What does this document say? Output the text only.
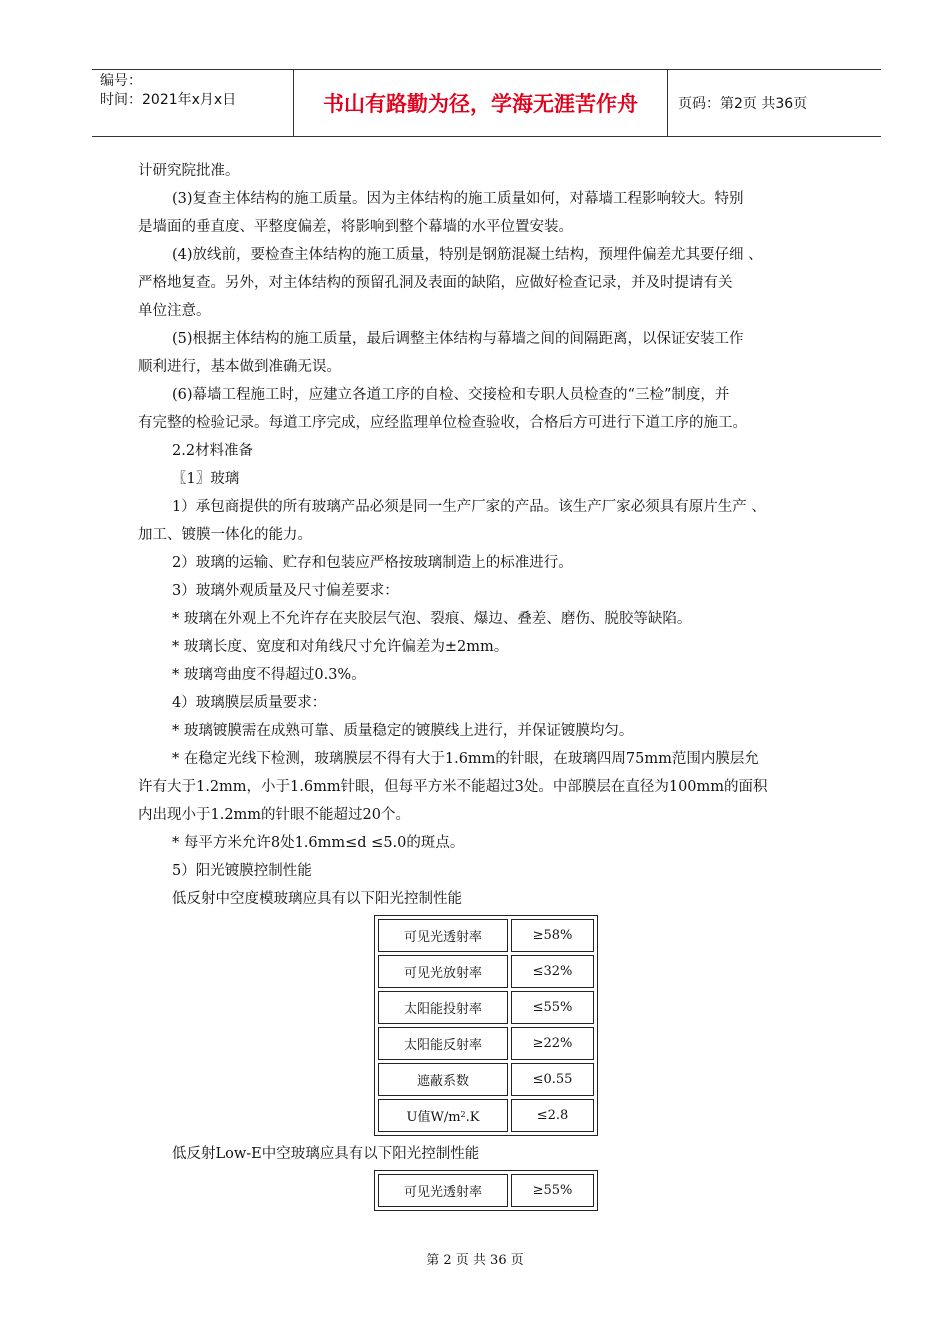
编号：
时间：2021年x月x日	书山有路勤为径，学海无涯苦作舟	页码：第2页 共36页
计研究院批准。
(3)复查主体结构的施工质量。因为主体结构的施工质量如何，对幕墙工程影响较大。特别
是墙面的垂直度、平整度偏差，将影响到整个幕墙的水平位置安装。
(4)放线前，要检查主体结构的施工质量，特别是钢筋混凝土结构，预埋件偏差尤其要仔细 、
严格地复查。另外，对主体结构的预留孔洞及表面的缺陷，应做好检查记录，并及时提请有关
单位注意。
(5)根据主体结构的施工质量，最后调整主体结构与幕墙之间的间隔距离，以保证安装工作
顺利进行，基本做到准确无误。
(6)幕墙工程施工时，应建立各道工序的自检、交接检和专职人员检查的“三检”制度，并
有完整的检验记录。每道工序完成，应经监理单位检查验收，合格后方可进行下道工序的施工。
2.2材料准备
〖1〗玻璃
1）承包商提供的所有玻璃产品必须是同一生产厂家的产品。该生产厂家必须具有原片生产 、
加工、镀膜一体化的能力。
2）玻璃的运输、贮存和包装应严格按玻璃制造上的标准进行。
3）玻璃外观质量及尺寸偏差要求：
* 玻璃在外观上不允许存在夹胶层气泡、裂痕、爆边、叠差、磨伤、脱胶等缺陷。
* 玻璃长度、宽度和对角线尺寸允许偏差为±2mm。
* 玻璃弯曲度不得超过0.3%。
4）玻璃膜层质量要求：
* 玻璃镀膜需在成熟可靠、质量稳定的镀膜线上进行，并保证镀膜均匀。
* 在稳定光线下检测，玻璃膜层不得有大于1.6mm的针眼，在玻璃四周75mm范围内膜层允
许有大于1.2mm，小于1.6mm针眼，但每平方米不能超过3处。中部膜层在直径为100mm的面积
内出现小于1.2mm的针眼不能超过20个。
* 每平方米允许8处1.6mm≤d ≤5.0的斑点。
5）阳光镀膜控制性能
低反射中空度模玻璃应具有以下阳光控制性能
可见光透射率	≥58%
可见光放射率	≤32%
太阳能投射率	≤55%
太阳能反射率	≥22%
遮蔽系数	≤0.55
U值$W/m^2.K$	≤2.8
低反射Low-E中空玻璃应具有以下阳光控制性能
可见光透射率	≥55%
第 2 页 共 36 页
